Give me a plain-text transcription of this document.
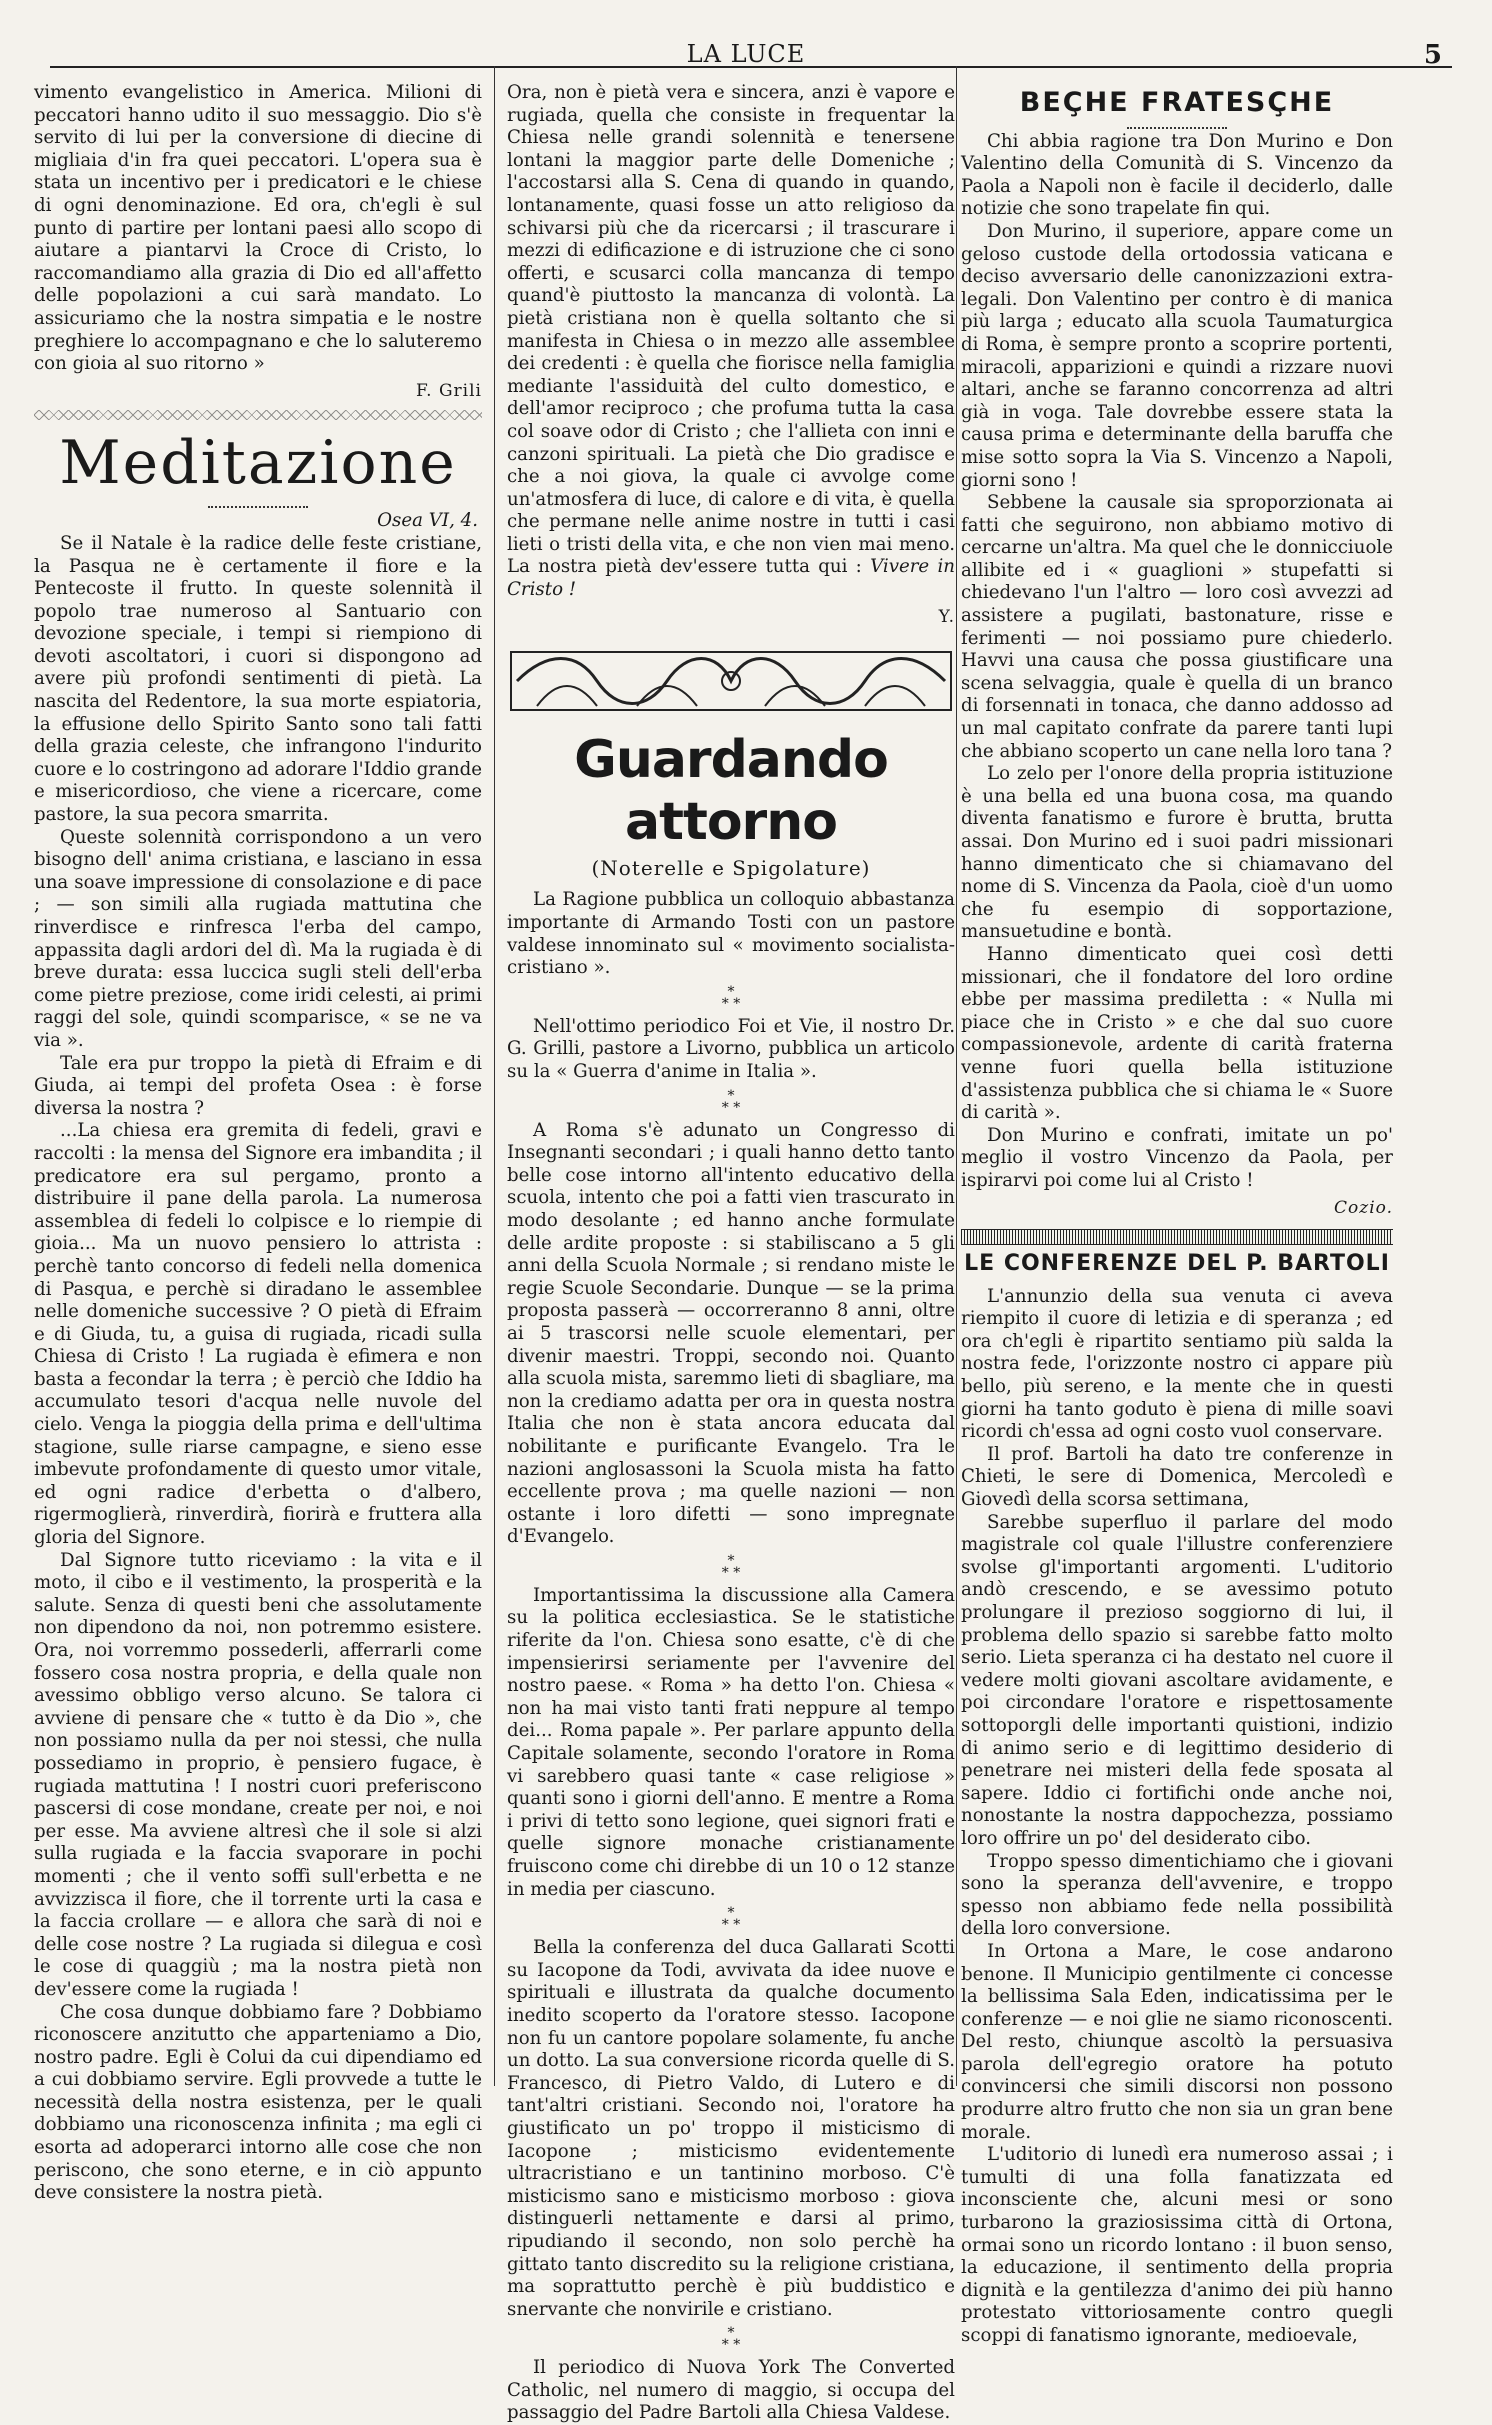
LA LUCE	5

vimento evangelistico in America. Milioni di peccatori hanno udito il suo messaggio. Dio s'è servito di lui per la conversione di diecine di migliaia d'in fra quei peccatori. L'opera sua è stata un incentivo per i predicatori e le chiese di ogni denominazione. Ed ora, ch'egli è sul punto di partire per lontani paesi allo scopo di aiutare a piantarvi la Croce di Cristo, lo raccomandiamo alla grazia di Dio ed all'affetto delle popolazioni a cui sarà mandato. Lo assicuriamo che la nostra simpatia e le nostre preghiere lo accompagnano e che lo saluteremo con gioia al suo ritorno »

F. Grili
Meditazione
Osea VI, 4.

Se il Natale è la radice delle feste cristiane, la Pasqua ne è certamente il fiore e la Pentecoste il frutto. In queste solennità il popolo trae numeroso al Santuario con devozione speciale, i tempi si riempiono di devoti ascoltatori, i cuori si dispongono ad avere più profondi sentimenti di pietà. La nascita del Redentore, la sua morte espiatoria, la effusione dello Spirito Santo sono tali fatti della grazia celeste, che infrangono l'indurito cuore e lo costringono ad adorare l'Iddio grande e misericordioso, che viene a ricercare, come pastore, la sua pecora smarrita.

Queste solennità corrispondono a un vero bisogno dell' anima cristiana, e lasciano in essa una soave impressione di consolazione e di pace ; — son simili alla rugiada mattutina che rinverdisce e rinfresca l'erba del campo, appassita dagli ardori del dì. Ma la rugiada è di breve durata: essa luccica sugli steli dell'erba come pietre preziose, come iridi celesti, ai primi raggi del sole, quindi scomparisce, « se ne va via ».

Tale era pur troppo la pietà di Efraim e di Giuda, ai tempi del profeta Osea : è forse diversa la nostra ?

...La chiesa era gremita di fedeli, gravi e raccolti : la mensa del Signore era imbandita ; il predicatore era sul pergamo, pronto a distribuire il pane della parola. La numerosa assemblea di fedeli lo colpisce e lo riempie di gioia... Ma un nuovo pensiero lo attrista : perchè tanto concorso di fedeli nella domenica di Pasqua, e perchè si diradano le assemblee nelle domeniche successive ? O pietà di Efraim e di Giuda, tu, a guisa di rugiada, ricadi sulla Chiesa di Cristo ! La rugiada è efimera e non basta a fecondar la terra ; è perciò che Iddio ha accumulato tesori d'acqua nelle nuvole del cielo. Venga la pioggia della prima e dell'ultima stagione, sulle riarse campagne, e sieno esse imbevute profondamente di questo umor vitale, ed ogni radice d'erbetta o d'albero, rigermoglierà, rinverdirà, fiorirà e fruttera alla gloria del Signore.

Dal Signore tutto riceviamo : la vita e il moto, il cibo e il vestimento, la prosperità e la salute. Senza di questi beni che assolutamente non dipendono da noi, non potremmo esistere. Ora, noi vorremmo possederli, afferrarli come fossero cosa nostra propria, e della quale non avessimo obbligo verso alcuno. Se talora ci avviene di pensare che « tutto è da Dio », che non possiamo nulla da per noi stessi, che nulla possediamo in proprio, è pensiero fugace, è rugiada mattutina ! I nostri cuori preferiscono pascersi di cose mondane, create per noi, e noi per esse. Ma avviene altresì che il sole si alzi sulla rugiada e la faccia svaporare in pochi momenti ; che il vento soffi sull'erbetta e ne avvizzisca il fiore, che il torrente urti la casa e la faccia crollare — e allora che sarà di noi e delle cose nostre ? La rugiada si dilegua e così le cose di quaggiù ; ma la nostra pietà non dev'essere come la rugiada !

Che cosa dunque dobbiamo fare ? Dobbiamo riconoscere anzitutto che apparteniamo a Dio, nostro padre. Egli è Colui da cui dipendiamo ed a cui dobbiamo servire. Egli provvede a tutte le necessità della nostra esistenza, per le quali dobbiamo una riconoscenza infinita ; ma egli ci esorta ad adoperarci intorno alle cose che non periscono, che sono eterne, e in ciò appunto deve consistere la nostra pietà.

Ora, non è pietà vera e sincera, anzi è vapore e rugiada, quella che consiste in frequentar la Chiesa nelle grandi solennità e tenersene lontani la maggior parte delle Domeniche ; l'accostarsi alla S. Cena di quando in quando, lontanamente, quasi fosse un atto religioso da schivarsi più che da ricercarsi ; il trascurare i mezzi di edificazione e di istruzione che ci sono offerti, e scusarci colla mancanza di tempo quand'è piuttosto la mancanza di volontà. La pietà cristiana non è quella soltanto che si manifesta in Chiesa o in mezzo alle assemblee dei credenti : è quella che fiorisce nella famiglia mediante l'assiduità del culto domestico, e dell'amor reciproco ; che profuma tutta la casa col soave odor di Cristo ; che l'allieta con inni e canzoni spirituali. La pietà che Dio gradisce e che a noi giova, la quale ci avvolge come un'atmosfera di luce, di calore e di vita, è quella che permane nelle anime nostre in tutti i casi lieti o tristi della vita, e che non vien mai meno. La nostra pietà dev'essere tutta qui : Vivere in Cristo !

Y.
Guardando attorno
(Noterelle e Spigolature)

La Ragione pubblica un colloquio abbastanza importante di Armando Tosti con un pastore valdese innominato sul « movimento socialista-cristiano ».

*
* *

Nell'ottimo periodico Foi et Vie, il nostro Dr. G. Grilli, pastore a Livorno, pubblica un articolo su la « Guerra d'anime in Italia ».

*
* *

A Roma s'è adunato un Congresso di Insegnanti secondari ; i quali hanno detto tanto belle cose intorno all'intento educativo della scuola, intento che poi a fatti vien trascurato in modo desolante ; ed hanno anche formulate delle ardite proposte : si stabiliscano a 5 gli anni della Scuola Normale ; si rendano miste le regie Scuole Secondarie. Dunque — se la prima proposta passerà — occorreranno 8 anni, oltre ai 5 trascorsi nelle scuole elementari, per divenir maestri. Troppi, secondo noi. Quanto alla scuola mista, saremmo lieti di sbagliare, ma non la crediamo adatta per ora in questa nostra Italia che non è stata ancora educata dal nobilitante e purificante Evangelo. Tra le nazioni anglosassoni la Scuola mista ha fatto eccellente prova ; ma quelle nazioni — non ostante i loro difetti — sono impregnate d'Evangelo.

*
* *

Importantissima la discussione alla Camera su la politica ecclesiastica. Se le statistiche riferite da l'on. Chiesa sono esatte, c'è di che impensierirsi seriamente per l'avvenire del nostro paese. « Roma » ha detto l'on. Chiesa « non ha mai visto tanti frati neppure al tempo dei... Roma papale ». Per parlare appunto della Capitale solamente, secondo l'oratore in Roma vi sarebbero quasi tante « case religiose » quanti sono i giorni dell'anno. E mentre a Roma i privi di tetto sono legione, quei signori frati e quelle signore monache cristianamente fruiscono come chi direbbe di un 10 o 12 stanze in media per ciascuno.

*
* *

Bella la conferenza del duca Gallarati Scotti su Iacopone da Todi, avvivata da idee nuove e spirituali e illustrata da qualche documento inedito scoperto da l'oratore stesso. Iacopone non fu un cantore popolare solamente, fu anche un dotto. La sua conversione ricorda quelle di S. Francesco, di Pietro Valdo, di Lutero e di tant'altri cristiani. Secondo noi, l'oratore ha giustificato un po' troppo il misticismo di Iacopone ; misticismo evidentemente ultracristiano e un tantinino morboso. C'è misticismo sano e misticismo morboso : giova distinguerli nettamente e darsi al primo, ripudiando il secondo, non solo perchè ha gittato tanto discredito su la religione cristiana, ma soprattutto perchè è più buddistico e snervante che nonvirile e cristiano.

*
* *

Il periodico di Nuova York The Converted Catholic, nel numero di maggio, si occupa del passaggio del Padre Bartoli alla Chiesa Valdese.

BEÇHE FRATESÇHE

Chi abbia ragione tra Don Murino e Don Valentino della Comunità di S. Vincenzo da Paola a Napoli non è facile il deciderlo, dalle notizie che sono trapelate fin qui.

Don Murino, il superiore, appare come un geloso custode della ortodossia vaticana e deciso avversario delle canonizzazioni extra-legali. Don Valentino per contro è di manica più larga ; educato alla scuola Taumaturgica di Roma, è sempre pronto a scoprire portenti, miracoli, apparizioni e quindi a rizzare nuovi altari, anche se faranno concorrenza ad altri già in voga. Tale dovrebbe essere stata la causa prima e determinante della baruffa che mise sotto sopra la Via S. Vincenzo a Napoli, giorni sono !

Sebbene la causale sia sproporzionata ai fatti che seguirono, non abbiamo motivo di cercarne un'altra. Ma quel che le donnicciuole allibite ed i « guaglioni » stupefatti si chiedevano l'un l'altro — loro così avvezzi ad assistere a pugilati, bastonature, risse e ferimenti — noi possiamo pure chiederlo. Havvi una causa che possa giustificare una scena selvaggia, quale è quella di un branco di forsennati in tonaca, che danno addosso ad un mal capitato confrate da parere tanti lupi che abbiano scoperto un cane nella loro tana ?

Lo zelo per l'onore della propria istituzione è una bella ed una buona cosa, ma quando diventa fanatismo e furore è brutta, brutta assai. Don Murino ed i suoi padri missionari hanno dimenticato che si chiamavano del nome di S. Vincenza da Paola, cioè d'un uomo che fu esempio di sopportazione, mansuetudine e bontà.

Hanno dimenticato quei così detti missionari, che il fondatore del loro ordine ebbe per massima prediletta : « Nulla mi piace che in Cristo » e che dal suo cuore compassionevole, ardente di carità fraterna venne fuori quella bella istituzione d'assistenza pubblica che si chiama le « Suore di carità ».

Don Murino e confrati, imitate un po' meglio il vostro Vincenzo da Paola, per ispirarvi poi come lui al Cristo !

Cozio.
LE CONFERENZE DEL P. BARTOLI

L'annunzio della sua venuta ci aveva riempito il cuore di letizia e di speranza ; ed ora ch'egli è ripartito sentiamo più salda la nostra fede, l'orizzonte nostro ci appare più bello, più sereno, e la mente che in questi giorni ha tanto goduto è piena di mille soavi ricordi ch'essa ad ogni costo vuol conservare.

Il prof. Bartoli ha dato tre conferenze in Chieti, le sere di Domenica, Mercoledì e Giovedì della scorsa settimana,

Sarebbe superfluo il parlare del modo magistrale col quale l'illustre conferenziere svolse gl'importanti argomenti. L'uditorio andò crescendo, e se avessimo potuto prolungare il prezioso soggiorno di lui, il problema dello spazio si sarebbe fatto molto serio. Lieta speranza ci ha destato nel cuore il vedere molti giovani ascoltare avidamente, e poi circondare l'oratore e rispettosamente sottoporgli delle importanti quistioni, indizio di animo serio e di legittimo desiderio di penetrare nei misteri della fede sposata al sapere. Iddio ci fortifichi onde anche noi, nonostante la nostra dappochezza, possiamo loro offrire un po' del desiderato cibo.

Troppo spesso dimentichiamo che i giovani sono la speranza dell'avvenire, e troppo spesso non abbiamo fede nella possibilità della loro conversione.

In Ortona a Mare, le cose andarono benone. Il Municipio gentilmente ci concesse la bellissima Sala Eden, indicatissima per le conferenze — e noi glie ne siamo riconoscenti. Del resto, chiunque ascoltò la persuasiva parola dell'egregio oratore ha potuto convincersi che simili discorsi non possono produrre altro frutto che non sia un gran bene morale.

L'uditorio di lunedì era numeroso assai ; i tumulti di una folla fanatizzata ed inconsciente che, alcuni mesi or sono turbarono la graziosissima città di Ortona, ormai sono un ricordo lontano : il buon senso, la educazione, il sentimento della propria dignità e la gentilezza d'animo dei più hanno protestato vittoriosamente contro quegli scoppi di fanatismo ignorante, medioevale,
